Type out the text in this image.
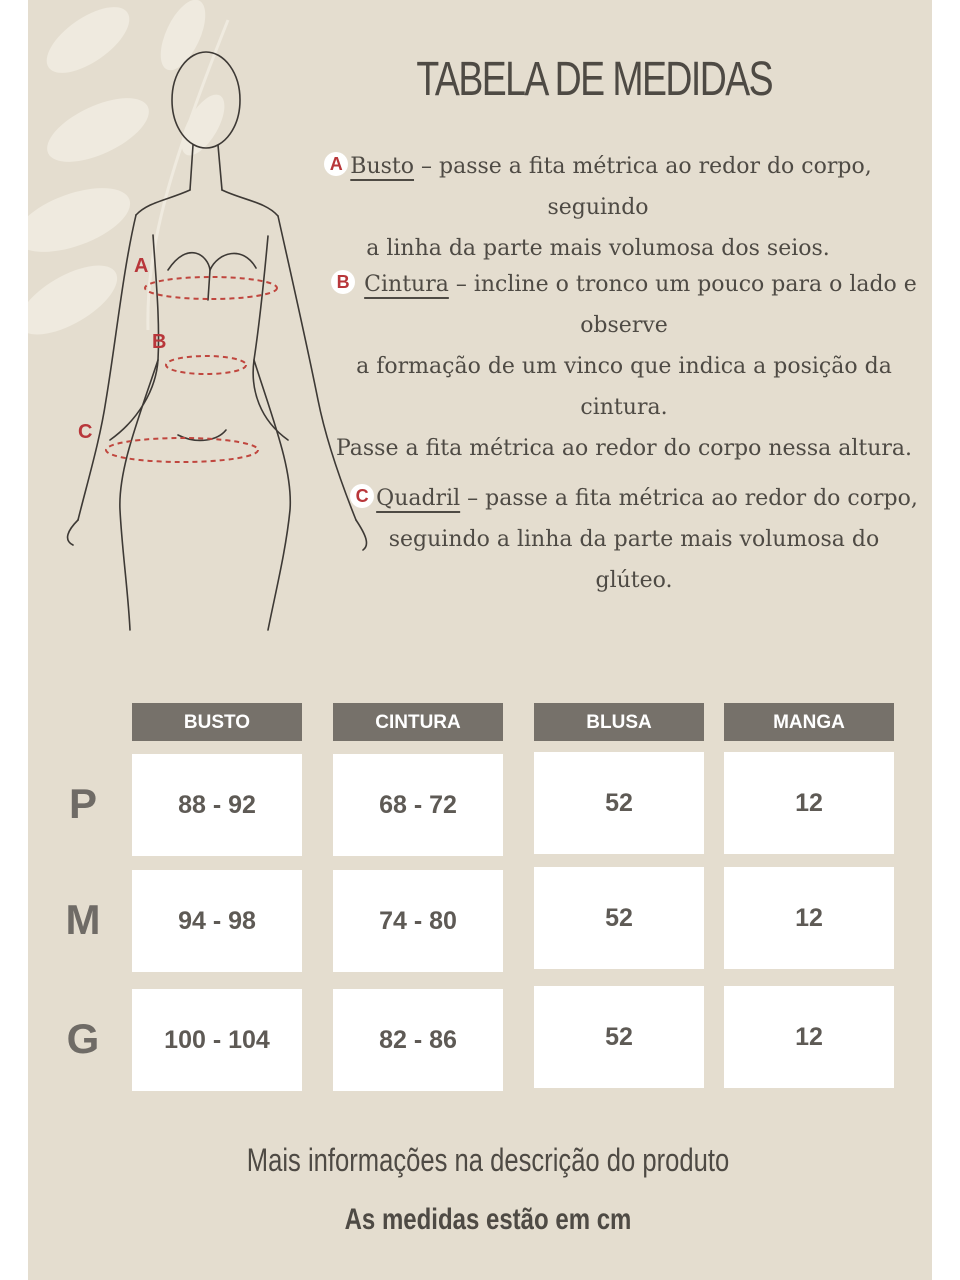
A
B
C
TABELA DE MEDIDAS
A Busto – passe a fita métrica ao redor do corpo, seguindo
a linha da parte mais volumosa dos seios.
B Cintura – incline o tronco um pouco para o lado e
observe
a formação de um vinco que indica a posição da cintura.
Passe a fita métrica ao redor do corpo nessa altura.
C Quadril – passe a fita métrica ao redor do corpo,
seguindo a linha da parte mais volumosa do
glúteo.
BUSTO	CINTURA	BLUSA	MANGA
P	88 - 92	68 - 72	52	12
M	94 - 98	74 - 80	52	12
G	100 - 104	82 - 86	52	12

Mais informações na descrição do produto

As medidas estão em cm
